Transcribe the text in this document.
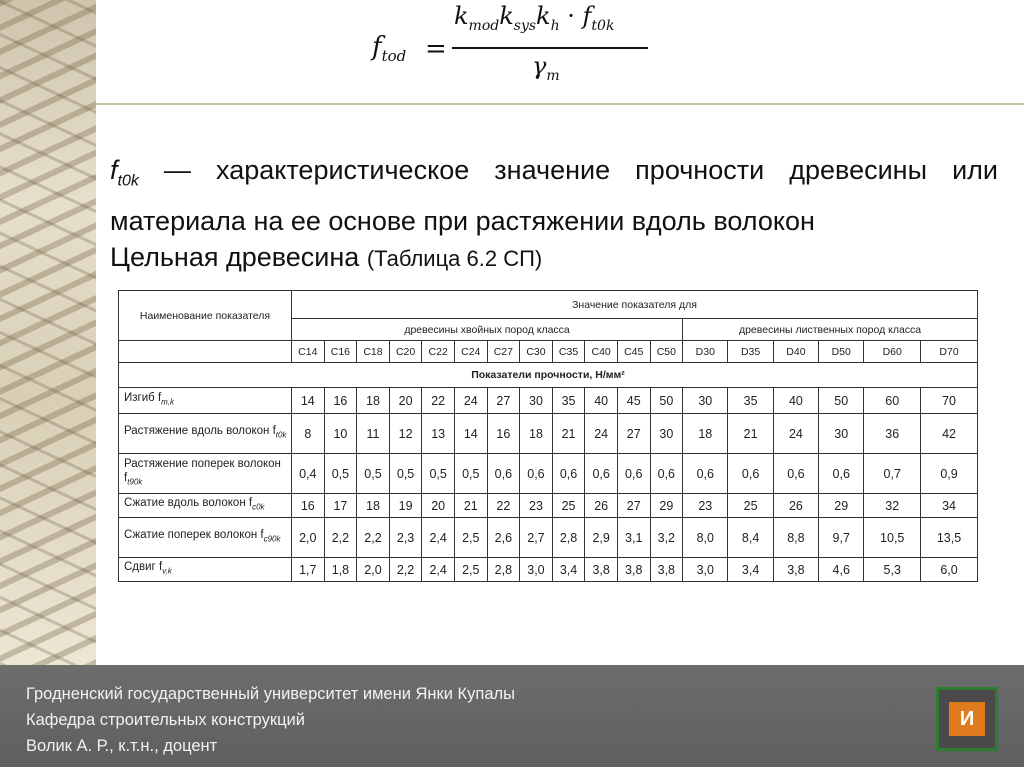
$f_{tod}$ =
$k_{mod}k_{sys}k_h \cdot f_{t0k}$
$\gamma_m$
$f_{t0k}$ — характеристическое значение прочности древесины или материала на ее основе при растяжении вдоль волокон
Цельная древесина (Таблица 6.2 СП)
Наименование показателя	Значение показателя для																	
	древесины хвойных пород класса												древесины лиственных пород класса					
	C14	C16	C18	C20	C22	C24	C27	C30	C35	C40	C45	C50	D30	D35	D40	D50	D60	D70
Показатели прочности, Н/мм²																		
Изгиб $f_{m,k}$	14	16	18	20	22	24	27	30	35	40	45	50	30	35	40	50	60	70
Растяжение вдоль волокон $f_{t0k}$	8	10	11	12	13	14	16	18	21	24	27	30	18	21	24	30	36	42
Растяжение поперек волокон $f_{t90k}$	0,4	0,5	0,5	0,5	0,5	0,5	0,6	0,6	0,6	0,6	0,6	0,6	0,6	0,6	0,6	0,6	0,7	0,9
Сжатие вдоль волокон $f_{c0k}$	16	17	18	19	20	21	22	23	25	26	27	29	23	25	26	29	32	34
Сжатие поперек волокон $f_{c90k}$	2,0	2,2	2,2	2,3	2,4	2,5	2,6	2,7	2,8	2,9	3,1	3,2	8,0	8,4	8,8	9,7	10,5	13,5
Сдвиг $f_{v,k}$	1,7	1,8	2,0	2,2	2,4	2,5	2,8	3,0	3,4	3,8	3,8	3,8	3,0	3,4	3,8	4,6	5,3	6,0
Гродненский государственный университет имени Янки Купалы
Кафедра строительных конструкций
Волик А. Р., к.т.н., доцент
И
